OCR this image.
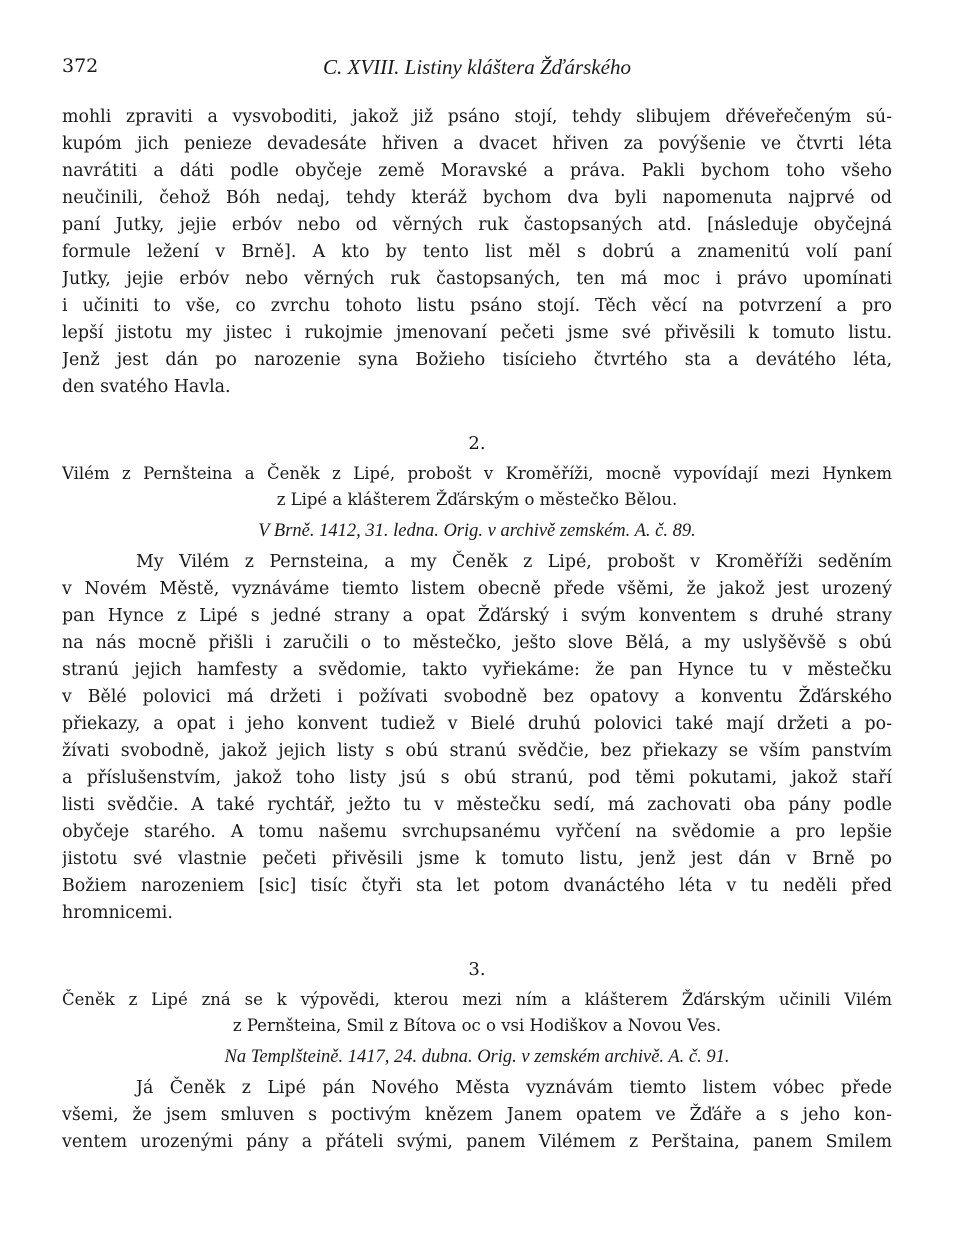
372	C. XVIII. Listiny kláštera Žďárského
mohli zpraviti a vysvoboditi, jakož již psáno stojí, tehdy slibujem dřévеřečeným sú-
kupóm jich penieze devadesáte hřiven a dvacet hřiven za povýšenie ve čtvrti léta
navrátiti a dáti podle obyčeje země Moravské a práva. Pakli bychom toho všeho
neučinili, čehož Bóh nedaj, tehdy kteráž bychom dva byli napomenuta najprvé od
paní Jutky, jejie erbóv nebo od věrných ruk častopsaných atd. [následuje obyčejná
formule ležení v Brně]. A kto by tento list měl s dobrú a znamenitú volí paní
Jutky, jejie erbóv nebo věrných ruk častopsaných, ten má moc i právo upomínati
i učiniti to vše, co zvrchu tohoto listu psáno stojí. Těch věcí na potvrzení a pro
lepší jistotu my jistec i rukojmie jmenovaní pečeti jsme své přivěsili k tomuto listu.
Jenž jest dán po narozenie syna Božieho tisícieho čtvrtého sta a devátého léta,
den svatého Havla.

2.

Vilém z Pernšteina a Čeněk z Lipé, probošt v Kroměříži, mocně vypovídají mezi Hynkem
z Lipé a klášterem Žďárským o městečko Bělou.

V Brně. 1412, 31. ledna. Orig. v archivě zemském. A. č. 89.

My Vilém z Pernsteina, a my Čeněk z Lipé, probošt v Kroměříži seděním
v Novém Městě, vyznáváme tiemto listem obecně přede všěmi, že jakož jest urozený
pan Hynce z Lipé s jedné strany a opat Žďárský i svým konventem s druhé strany
na nás mocně přišli i zaručili o to městečko, ješto slove Bělá, a my uslyšěvšě s obú
stranú jejich hamfesty a svědomie, takto vyřiekáme: že pan Hynce tu v městečku
v Bělé polovici má držeti i požívati svobodně bez opatovy a konventu Žďárského
přiekazy, a opat i jeho konvent tudiež v Bielé druhú polovici také mají držeti a po-
žívati svobodně, jakož jejich listy s obú stranú svědčie, bez přiekazy se vším panstvím
a příslušenstvím, jakož toho listy jsú s obú stranú, pod těmi pokutami, jakož staří
listi svědčie. A také rychtář, ježto tu v městečku sedí, má zachovati oba pány podle
obyčeje starého. A tomu našemu svrchupsanému vyřčení na svědomie a pro lepšie
jistotu své vlastnie pečeti přivěsili jsme k tomuto listu, jenž jest dán v Brně po
Božiem narozeniem [sic] tisíc čtyři sta let potom dvanáctého léta v tu neděli před
hromnicemi.

3.

Čeněk z Lipé zná se k výpovědi, kterou mezi ním a klášterem Žďárským učinili Vilém
z Pernšteina, Smil z Bítova oc o vsi Hodiškov a Novou Ves.

Na Templšteině. 1417, 24. dubna. Orig. v zemském archivě. A. č. 91.

Já Čeněk z Lipé pán Nového Města vyznávám tiemto listem vóbec přede
všemi, že jsem smluven s poctivým knězem Janem opatem ve Žďáře a s jeho kon-
ventem urozenými pány a přáteli svými, panem Vilémem z Perštaina, panem Smilem
